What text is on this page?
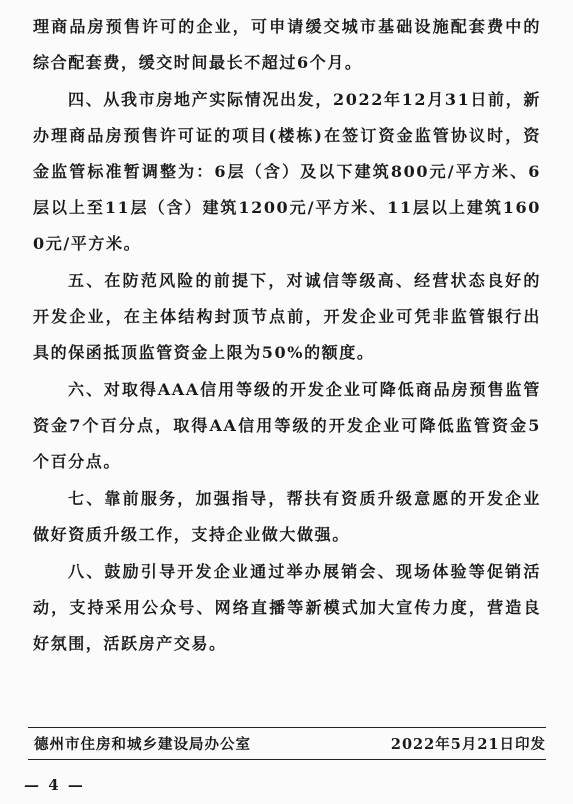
理商品房预售许可的企业，可申请缓交城市基础设施配套费中的综合配套费，缓交时间最长不超过6个月。

四、从我市房地产实际情况出发，2022年12月31日前，新办理商品房预售许可证的项目(楼栋)在签订资金监管协议时，资金监管标准暂调整为：6层（含）及以下建筑800元/平方米、6层以上至11层（含）建筑1200元/平方米、11层以上建筑1600元/平方米。

五、在防范风险的前提下，对诚信等级高、经营状态良好的开发企业，在主体结构封顶节点前，开发企业可凭非监管银行出具的保函抵顶监管资金上限为50%的额度。

六、对取得AAA信用等级的开发企业可降低商品房预售监管资金7个百分点，取得AA信用等级的开发企业可降低监管资金5个百分点。

七、靠前服务，加强指导，帮扶有资质升级意愿的开发企业做好资质升级工作，支持企业做大做强。

八、鼓励引导开发企业通过举办展销会、现场体验等促销活动，支持采用公众号、网络直播等新模式加大宣传力度，营造良好氛围，活跃房产交易。

德州市住房和城乡建设局办公室	2022年5月21日印发
— 4 —
